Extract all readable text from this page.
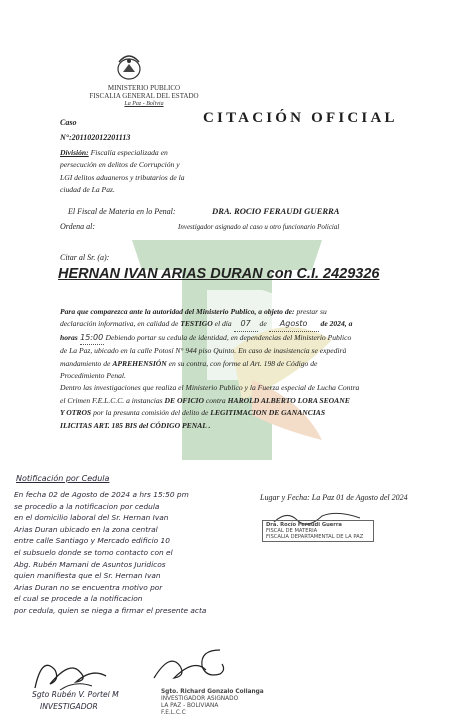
MINISTERIO PUBLICO
FISCALIA GENERAL DEL ESTADO
La Paz - Bolivia
CITACIÓN OFICIAL
Caso
N°:201102012201113
División: Fiscalía especializada en
persecución en delitos de Corrupción y
LGI delitos aduaneros y tributarios de la
ciudad de La Paz.
El Fiscal de Materia en lo Penal:	DRA. ROCIO FERAUDI GUERRA
Ordena al:	Investigador asignado al caso u otro funcionario Policial
Citar al Sr. (a):
HERNAN IVAN ARIAS DURAN con C.I. 2429326
Para que comparezca ante la autoridad del Ministerio Publico, a objeto de: prestar su
declaración informativa, en calidad de TESTIGO el día 07 de Agosto de 2024, a
horas 15:00 Debiendo portar su cedula de identidad, en dependencias del Ministerio Publico
de La Paz, ubicado en la calle Potosí N° 944 piso Quinto. En caso de inasistencia se expedirá
mandamiento de APREHENSIÓN en su contra, con forme al Art. 198 de Código de
Procedimiento Penal.
Dentro las investigaciones que realiza el Ministerio Publico y la Fuerza especial de Lucha Contra
el Crimen F.E.L.C.C. a instancias DE OFICIO contra HAROLD ALBERTO LORA SEOANE
Y OTROS por la presunta comisión del delito de LEGITIMACION DE GANANCIAS
ILICITAS ART. 185 BIS del CÓDIGO PENAL .
Notificación por Cedula
En fecha 02 de Agosto de 2024 a hrs 15:50 pm
se procedio a la notificacion por cedula
en el domicilio laboral del Sr. Hernan Ivan
Arias Duran ubicado en la zona central
entre calle Santiago y Mercado edificio 10
el subsuelo donde se tomo contacto con el
Abg. Rubén Mamani de Asuntos Juridicos
quien manifiesta que el Sr. Hernan Ivan
Arias Duran no se encuentra motivo por
el cual se procede a la notificacion
por cedula, quien se niega a firmar el presente acta
Lugar y Fecha: La Paz 01 de Agosto del 2024
Dra. Rocío Feraudi Guerra
FISCAL DE MATERIA
FISCALIA DEPARTAMENTAL DE LA PAZ
Sgto Rubén V. Portel M
INVESTIGADOR
Sgto. Richard Gonzalo Collanga
INVESTIGADOR ASIGNADO
LA PAZ - BOLIVIANA
F.E.L.C.C
